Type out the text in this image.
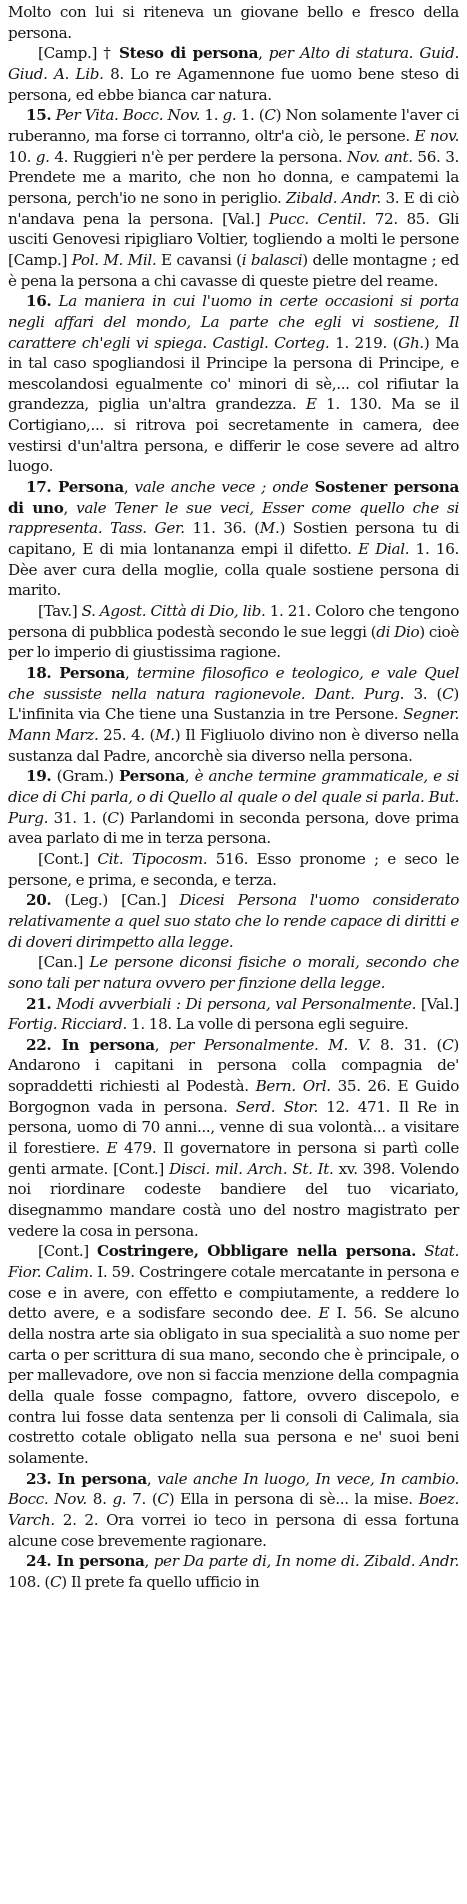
Molto con lui si riteneva un giovane bello e fresco della persona.

[Camp.] † Steso di persona, per Alto di statura. Guid. Giud. A. Lib. 8. Lo re Agamennone fue uomo bene steso di persona, ed ebbe bianca car natura.

15. Per Vita. Bocc. Nov. 1. g. 1. (C) Non solamente l'aver ci ruberanno, ma forse ci torranno, oltr'a ciò, le persone. E nov. 10. g. 4. Ruggieri n'è per perdere la persona. Nov. ant. 56. 3. Prendete me a marito, che non ho donna, e campatemi la persona, perch'io ne sono in periglio. Zibald. Andr. 3. E di ciò n'andava pena la persona. [Val.] Pucc. Centil. 72. 85. Gli usciti Genovesi ripigliaro Voltier, togliendo a molti le persone [Camp.] Pol. M. Mil. E cavansi (i balasci) delle montagne ; ed è pena la persona a chi cavasse di queste pietre del reame.

16. La maniera in cui l'uomo in certe occasioni si porta negli affari del mondo, La parte che egli vi sostiene, Il carattere ch'egli vi spiega. Castigl. Corteg. 1. 219. (Gh.) Ma in tal caso spogliandosi il Principe la persona di Principe, e mescolandosi egualmente co' minori di sè,... col rifiutar la grandezza, piglia un'altra grandezza. E 1. 130. Ma se il Cortigiano,... si ritrova poi secretamente in camera, dee vestirsi d'un'altra persona, e differir le cose severe ad altro luogo.

17. Persona, vale anche vece ; onde Sostener persona di uno, vale Tener le sue veci, Esser come quello che si rappresenta. Tass. Ger. 11. 36. (M.) Sostien persona tu di capitano, E di mia lontananza empi il difetto. E Dial. 1. 16. Dèe aver cura della moglie, colla quale sostiene persona di marito.

[Tav.] S. Agost. Città di Dio, lib. 1. 21. Coloro che tengono persona di pubblica podestà secondo le sue leggi (di Dio) cioè per lo imperio di giustissima ragione.

18. Persona, termine filosofico e teologico, e vale Quel che sussiste nella natura ragionevole. Dant. Purg. 3. (C) L'infinita via Che tiene una Sustanzia in tre Persone. Segner. Mann Marz. 25. 4. (M.) Il Figliuolo divino non è diverso nella sustanza dal Padre, ancorchè sia diverso nella persona.

19. (Gram.) Persona, è anche termine grammaticale, e si dice di Chi parla, o di Quello al quale o del quale si parla. But. Purg. 31. 1. (C) Parlandomi in seconda persona, dove prima avea parlato di me in terza persona.

[Cont.] Cit. Tipocosm. 516. Esso pronome ; e seco le persone, e prima, e seconda, e terza.

20. (Leg.) [Can.] Dicesi Persona l'uomo considerato relativamente a quel suo stato che lo rende capace di diritti e di doveri dirimpetto alla legge.

[Can.] Le persone diconsi fisiche o morali, secondo che sono tali per natura ovvero per finzione della legge.

21. Modi avverbiali : Di persona, val Personalmente. [Val.] Fortig. Ricciard. 1. 18. La volle di persona egli seguire.

22. In persona, per Personalmente. M. V. 8. 31. (C) Andarono i capitani in persona colla compagnia de' sopraddetti richiesti al Podestà. Bern. Orl. 35. 26. E Guido Borgognon vada in persona. Serd. Stor. 12. 471. Il Re in persona, uomo di 70 anni..., venne di sua volontà... a visitare il forestiere. E 479. Il governatore in persona si partì colle genti armate. [Cont.] Disci. mil. Arch. St. It. xv. 398. Volendo noi riordinare codeste bandiere del tuo vicariato, disegnammo mandare costà uno del nostro magistrato per vedere la cosa in persona.

[Cont.] Costringere, Obbligare nella persona. Stat. Fior. Calim. I. 59. Costringere cotale mercatante in persona e cose e in avere, con effetto e compiutamente, a reddere lo detto avere, e a sodisfare secondo dee. E I. 56. Se alcuno della nostra arte sia obligato in sua specialità a suo nome per carta o per scrittura di sua mano, secondo che è principale, o per mallevadore, ove non si faccia menzione della compagnia della quale fosse compagno, fattore, ovvero discepolo, e contra lui fosse data sentenza per li consoli di Calimala, sia costretto cotale obligato nella sua persona e ne' suoi beni solamente.

23. In persona, vale anche In luogo, In vece, In cambio. Bocc. Nov. 8. g. 7. (C) Ella in persona di sè... la mise. Boez. Varch. 2. 2. Ora vorrei io teco in persona di essa fortuna alcune cose brevemente ragionare.

24. In persona, per Da parte di, In nome di. Zibald. Andr. 108. (C) Il prete fa quello ufficio in
